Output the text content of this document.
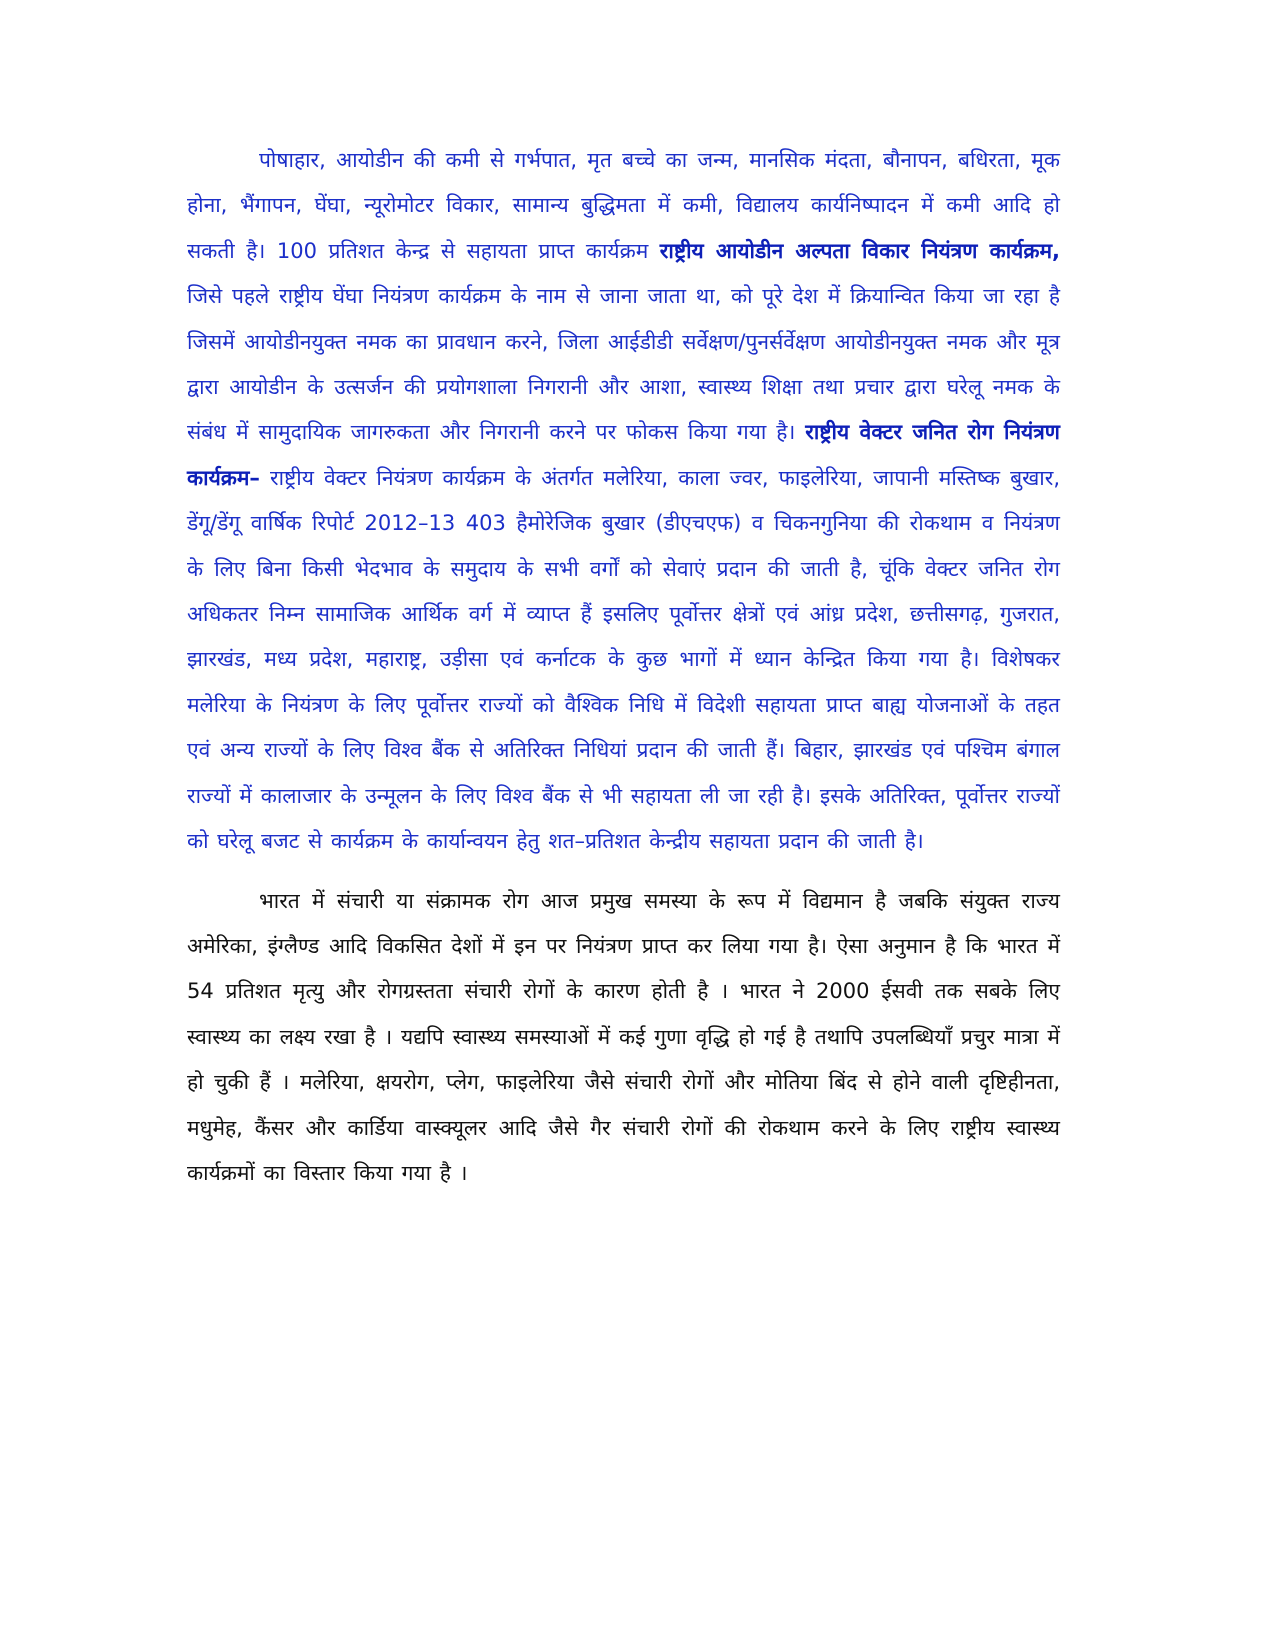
पोषाहार, आयोडीन की कमी से गर्भपात, मृत बच्चे का जन्म, मानसिक मंदता, बौनापन, बधिरता, मूक होना, भैंगापन, घेंघा, न्यूरोमोटर विकार, सामान्य बुद्धिमता में कमी, विद्यालय कार्यनिष्पादन में कमी आदि हो सकती है। 100 प्रतिशत केन्द्र से सहायता प्राप्त कार्यक्रम राष्ट्रीय आयोडीन अल्पता विकार नियंत्रण कार्यक्रम, जिसे पहले राष्ट्रीय घेंघा नियंत्रण कार्यक्रम के नाम से जाना जाता था, को पूरे देश में क्रियान्वित किया जा रहा है जिसमें आयोडीनयुक्त नमक का प्रावधान करने, जिला आईडीडी सर्वेक्षण/पुनर्सर्वेक्षण आयोडीनयुक्त नमक और मूत्र द्वारा आयोडीन के उत्सर्जन की प्रयोगशाला निगरानी और आशा, स्वास्थ्य शिक्षा तथा प्रचार द्वारा घरेलू नमक के संबंध में सामुदायिक जागरुकता और निगरानी करने पर फोकस किया गया है। राष्ट्रीय वेक्टर जनित रोग नियंत्रण कार्यक्रम– राष्ट्रीय वेक्टर नियंत्रण कार्यक्रम के अंतर्गत मलेरिया, काला ज्वर, फाइलेरिया, जापानी मस्तिष्क बुखार, डेंगू/डेंगू वार्षिक रिपोर्ट 2012–13 403 हैमोरेजिक बुखार (डीएचएफ) व चिकनगुनिया की रोकथाम व नियंत्रण के लिए बिना किसी भेदभाव के समुदाय के सभी वर्गों को सेवाएं प्रदान की जाती है, चूंकि वेक्टर जनित रोग अधिकतर निम्न सामाजिक आर्थिक वर्ग में व्याप्त हैं इसलिए पूर्वोत्तर क्षेत्रों एवं आंध्र प्रदेश, छत्तीसगढ़, गुजरात, झारखंड, मध्य प्रदेश, महाराष्ट्र, उड़ीसा एवं कर्नाटक के कुछ भागों में ध्यान केन्द्रित किया गया है। विशेषकर मलेरिया के नियंत्रण के लिए पूर्वोत्तर राज्यों को वैश्विक निधि में विदेशी सहायता प्राप्त बाह्य योजनाओं के तहत एवं अन्य राज्यों के लिए विश्व बैंक से अतिरिक्त निधियां प्रदान की जाती हैं। बिहार, झारखंड एवं पश्चिम बंगाल राज्यों में कालाजार के उन्मूलन के लिए विश्व बैंक से भी सहायता ली जा रही है। इसके अतिरिक्त, पूर्वोत्तर राज्यों को घरेलू बजट से कार्यक्रम के कार्यान्वयन हेतु शत–प्रतिशत केन्द्रीय सहायता प्रदान की जाती है।

भारत में संचारी या संक्रामक रोग आज प्रमुख समस्या के रूप में विद्यमान है जबकि संयुक्त राज्य अमेरिका, इंग्लैण्ड आदि विकसित देशों में इन पर नियंत्रण प्राप्त कर लिया गया है। ऐसा अनुमान है कि भारत में 54 प्रतिशत मृत्यु और रोगग्रस्तता संचारी रोगों के कारण होती है । भारत ने 2000 ईसवी तक सबके लिए स्वास्थ्य का लक्ष्य रखा है । यद्यपि स्वास्थ्य समस्याओं में कई गुणा वृद्धि हो गई है तथापि उपलब्धियाँ प्रचुर मात्रा में हो चुकी हैं । मलेरिया, क्षयरोग, प्लेग, फाइलेरिया जैसे संचारी रोगों और मोतिया बिंद से होने वाली दृष्टिहीनता, मधुमेह, कैंसर और कार्डिया वास्क्यूलर आदि जैसे गैर संचारी रोगों की रोकथाम करने के लिए राष्ट्रीय स्वास्थ्य कार्यक्रमों का विस्तार किया गया है ।
